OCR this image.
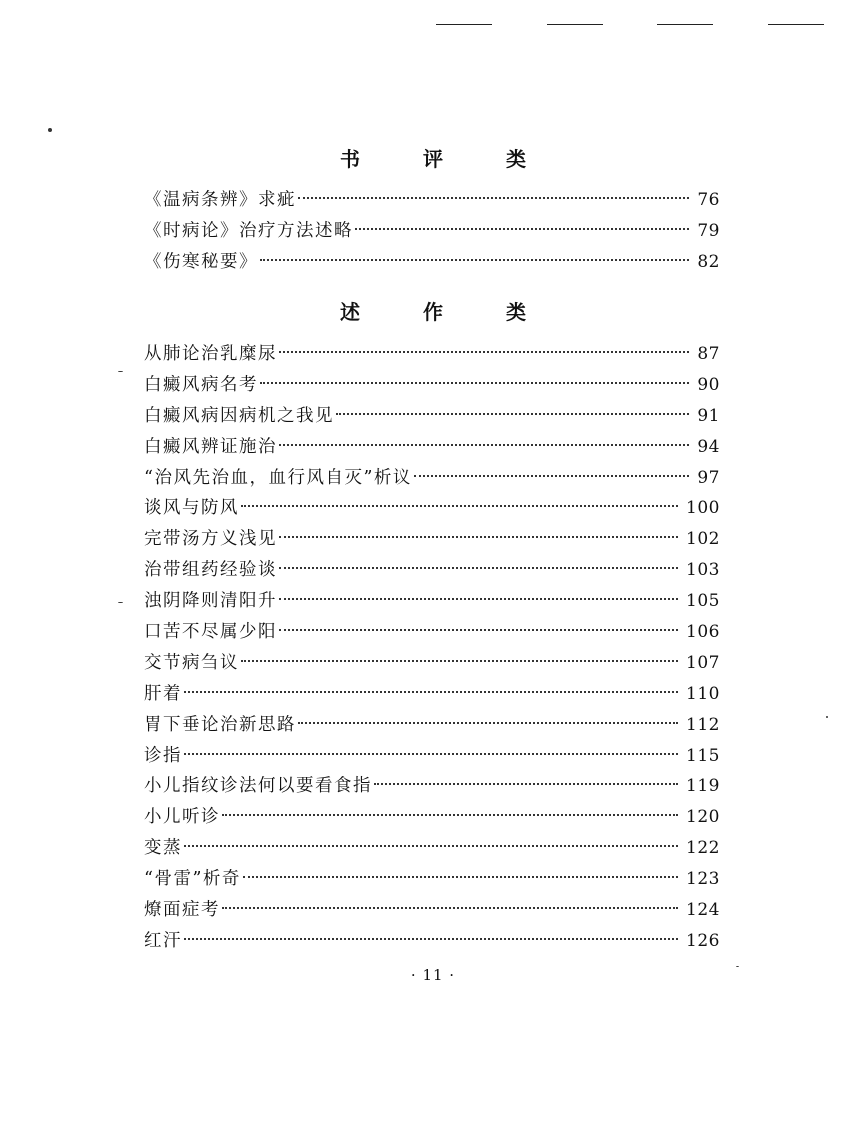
书 评 类
《温病条辨》求疵	76
《时病论》治疗方法述略	79
《伤寒秘要》	82
述 作 类
从肺论治乳糜尿	87
白癜风病名考	90
白癜风病因病机之我见	91
白癜风辨证施治	94
“治风先治血，血行风自灭”析议	97
谈风与防风	100
完带汤方义浅见	102
治带组药经验谈	103
浊阴降则清阳升	105
口苦不尽属少阳	106
交节病刍议	107
肝着	110
胃下垂论治新思路	112
诊指	115
小儿指纹诊法何以要看食指	119
小儿听诊	120
变蒸	122
“骨雷”析奇	123
燎面症考	124
红汗	126
· 11 ·
